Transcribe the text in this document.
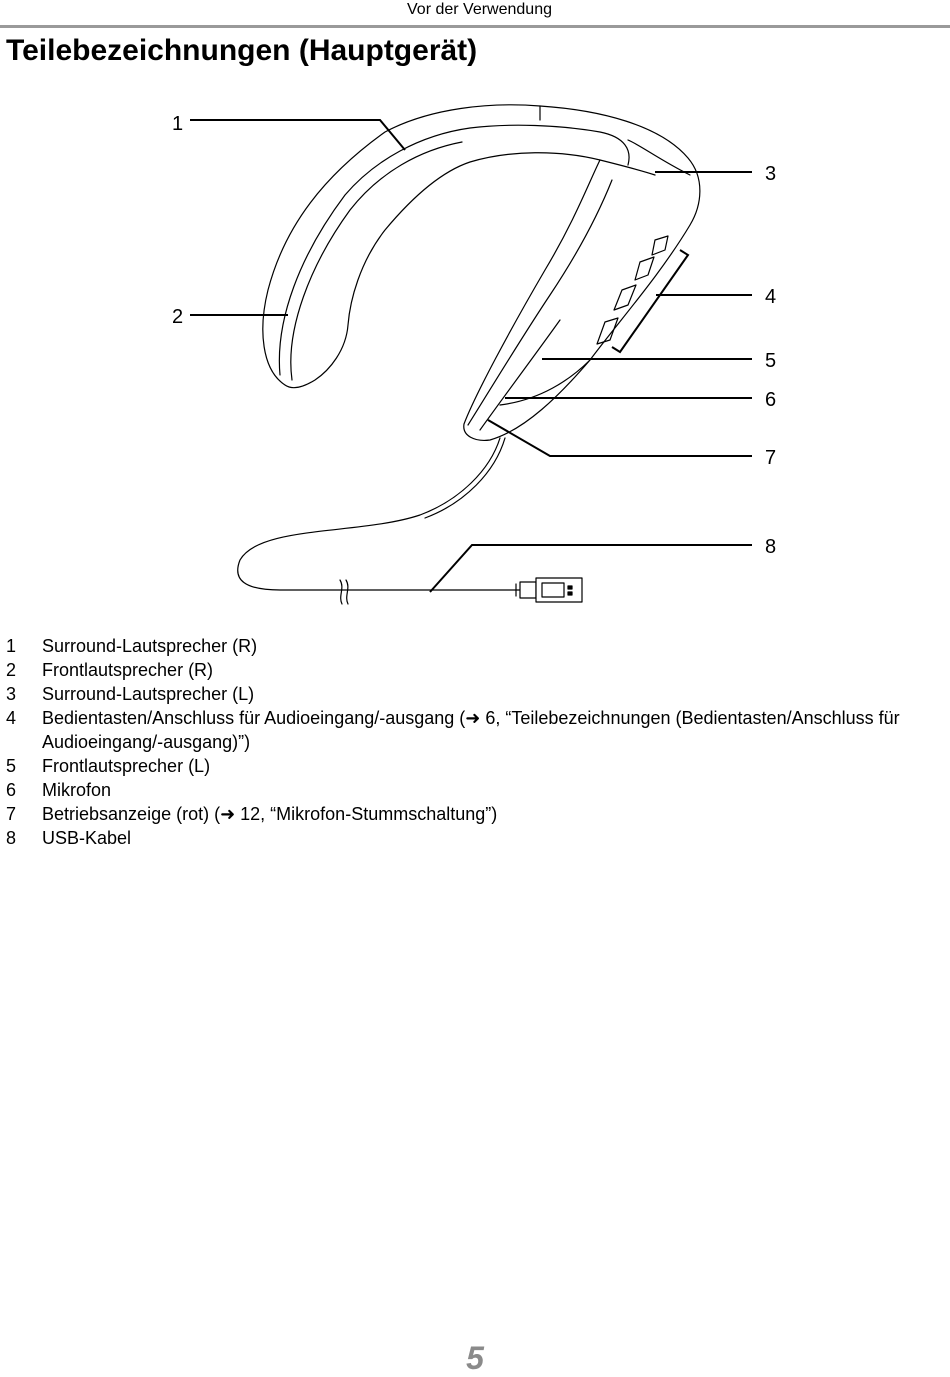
Vor der Verwendung
Teilebezeichnungen (Hauptgerät)
1
2
3
4
5
6
7
8
1	Surround-Lautsprecher (R)
2	Frontlautsprecher (R)
3	Surround-Lautsprecher (L)
4	Bedientasten/Anschluss für Audioeingang/-ausgang (➜ 6, “Teilebezeichnungen (Bedientasten/Anschluss für Audioeingang/-ausgang)”)
5	Frontlautsprecher (L)
6	Mikrofon
7	Betriebsanzeige (rot) (➜ 12, “Mikrofon-Stummschaltung”)
8	USB-Kabel
5
